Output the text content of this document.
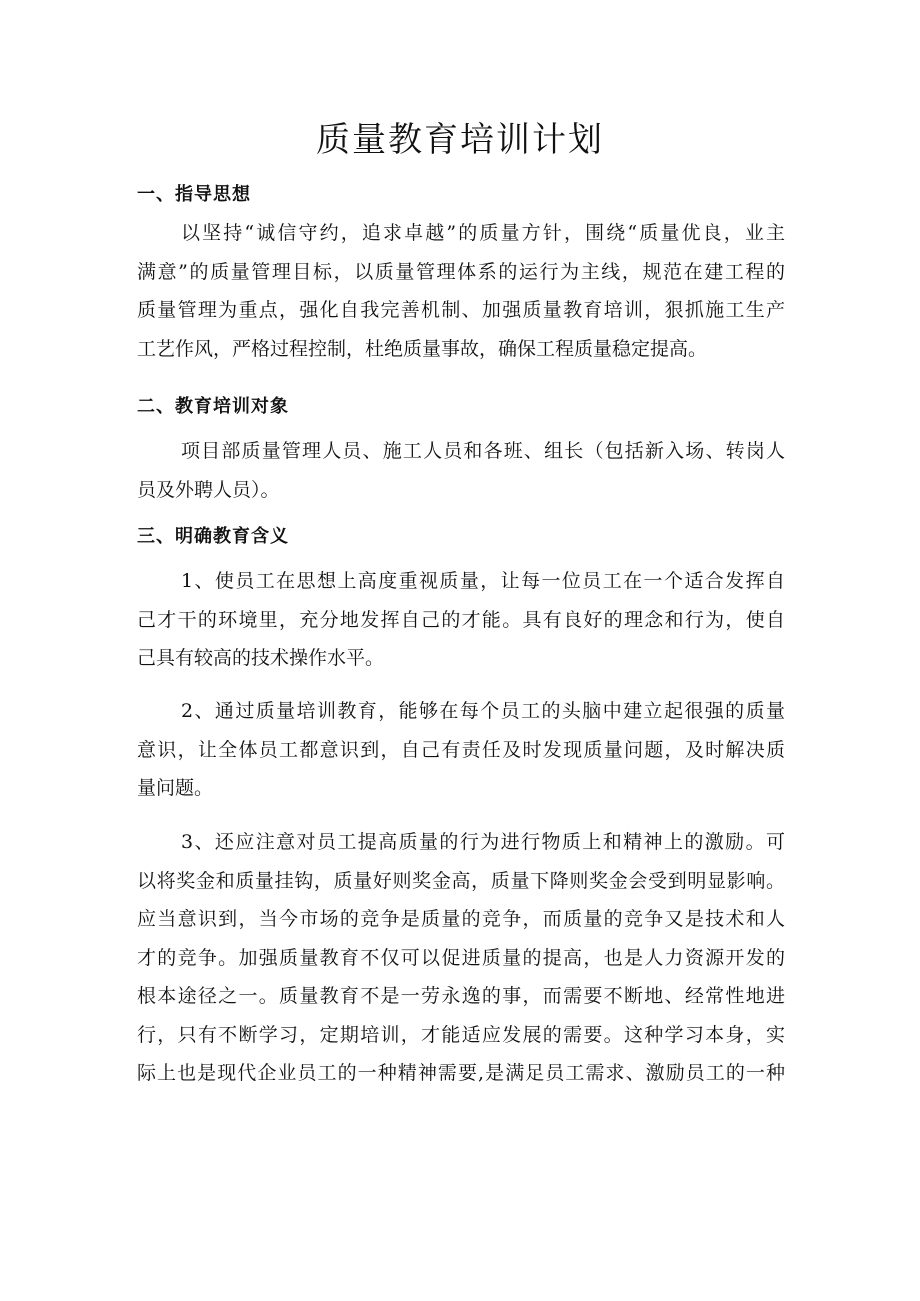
质量教育培训计划
一、指导思想
以坚持“诚信守约，追求卓越”的质量方针，围绕“质量优良，业主
满意”的质量管理目标，以质量管理体系的运行为主线，规范在建工程的
质量管理为重点，强化自我完善机制、加强质量教育培训，狠抓施工生产
工艺作风，严格过程控制，杜绝质量事故，确保工程质量稳定提高。
二、教育培训对象
项目部质量管理人员、施工人员和各班、组长（包括新入场、转岗人
员及外聘人员）。
三、明确教育含义
1、使员工在思想上高度重视质量，让每一位员工在一个适合发挥自
己才干的环境里，充分地发挥自己的才能。具有良好的理念和行为，使自
己具有较高的技术操作水平。
2、通过质量培训教育，能够在每个员工的头脑中建立起很强的质量
意识，让全体员工都意识到，自己有责任及时发现质量问题，及时解决质
量问题。
3、还应注意对员工提高质量的行为进行物质上和精神上的激励。可
以将奖金和质量挂钩，质量好则奖金高，质量下降则奖金会受到明显影响。
应当意识到，当今市场的竞争是质量的竞争，而质量的竞争又是技术和人
才的竞争。加强质量教育不仅可以促进质量的提高，也是人力资源开发的
根本途径之一。质量教育不是一劳永逸的事，而需要不断地、经常性地进
行，只有不断学习，定期培训，才能适应发展的需要。这种学习本身，实
际上也是现代企业员工的一种精神需要,是满足员工需求、激励员工的一种
